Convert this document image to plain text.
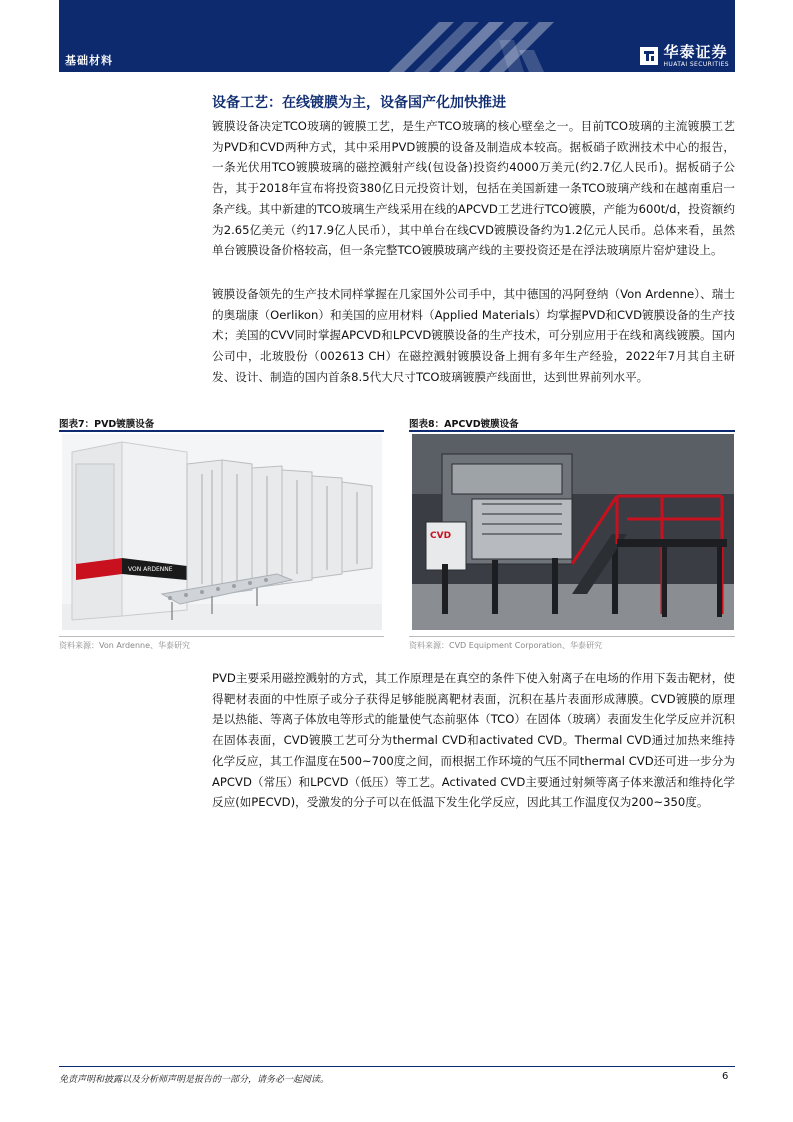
基础材料	华泰证券
HUATAI SECURITIES
设备工艺：在线镀膜为主，设备国产化加快推进
镀膜设备决定TCO玻璃的镀膜工艺，是生产TCO玻璃的核心壁垒之一。目前TCO玻璃的主流镀膜工艺为PVD和CVD两种方式，其中采用PVD镀膜的设备及制造成本较高。据板硝子欧洲技术中心的报告，一条光伏用TCO镀膜玻璃的磁控溅射产线(包设备)投资约4000万美元(约2.7亿人民币)。据板硝子公告，其于2018年宣布将投资380亿日元投资计划，包括在美国新建一条TCO玻璃产线和在越南重启一条产线。其中新建的TCO玻璃生产线采用在线的APCVD工艺进行TCO镀膜，产能为600t/d，投资额约为2.65亿美元（约17.9亿人民币），其中单台在线CVD镀膜设备约为1.2亿元人民币。总体来看，虽然单台镀膜设备价格较高，但一条完整TCO镀膜玻璃产线的主要投资还是在浮法玻璃原片窑炉建设上。
镀膜设备领先的生产技术同样掌握在几家国外公司手中，其中德国的冯阿登纳（Von Ardenne）、瑞士的奥瑞康（Oerlikon）和美国的应用材料（Applied Materials）均掌握PVD和CVD镀膜设备的生产技术；美国的CVV同时掌握APCVD和LPCVD镀膜设备的生产技术，可分别应用于在线和离线镀膜。国内公司中，北玻股份（002613 CH）在磁控溅射镀膜设备上拥有多年生产经验，2022年7月其自主研发、设计、制造的国内首条8.5代大尺寸TCO玻璃镀膜产线面世，达到世界前列水平。
图表7：PVD镀膜设备
VON ARDENNE
资料来源：Von Ardenne、华泰研究
图表8：APCVD镀膜设备
CVD
资料来源：CVD Equipment Corporation、华泰研究
PVD主要采用磁控溅射的方式，其工作原理是在真空的条件下使入射离子在电场的作用下轰击靶材，使得靶材表面的中性原子或分子获得足够能脱离靶材表面，沉积在基片表面形成薄膜。CVD镀膜的原理是以热能、等离子体放电等形式的能量使气态前驱体（TCO）在固体（玻璃）表面发生化学反应并沉积在固体表面，CVD镀膜工艺可分为thermal CVD和activated CVD。Thermal CVD通过加热来维持化学反应，其工作温度在500~700度之间，而根据工作环境的气压不同thermal CVD还可进一步分为APCVD（常压）和LPCVD（低压）等工艺。Activated CVD主要通过射频等离子体来激活和维持化学反应(如PECVD)，受激发的分子可以在低温下发生化学反应，因此其工作温度仅为200~350度。
免责声明和披露以及分析师声明是报告的一部分，请务必一起阅读。	6
